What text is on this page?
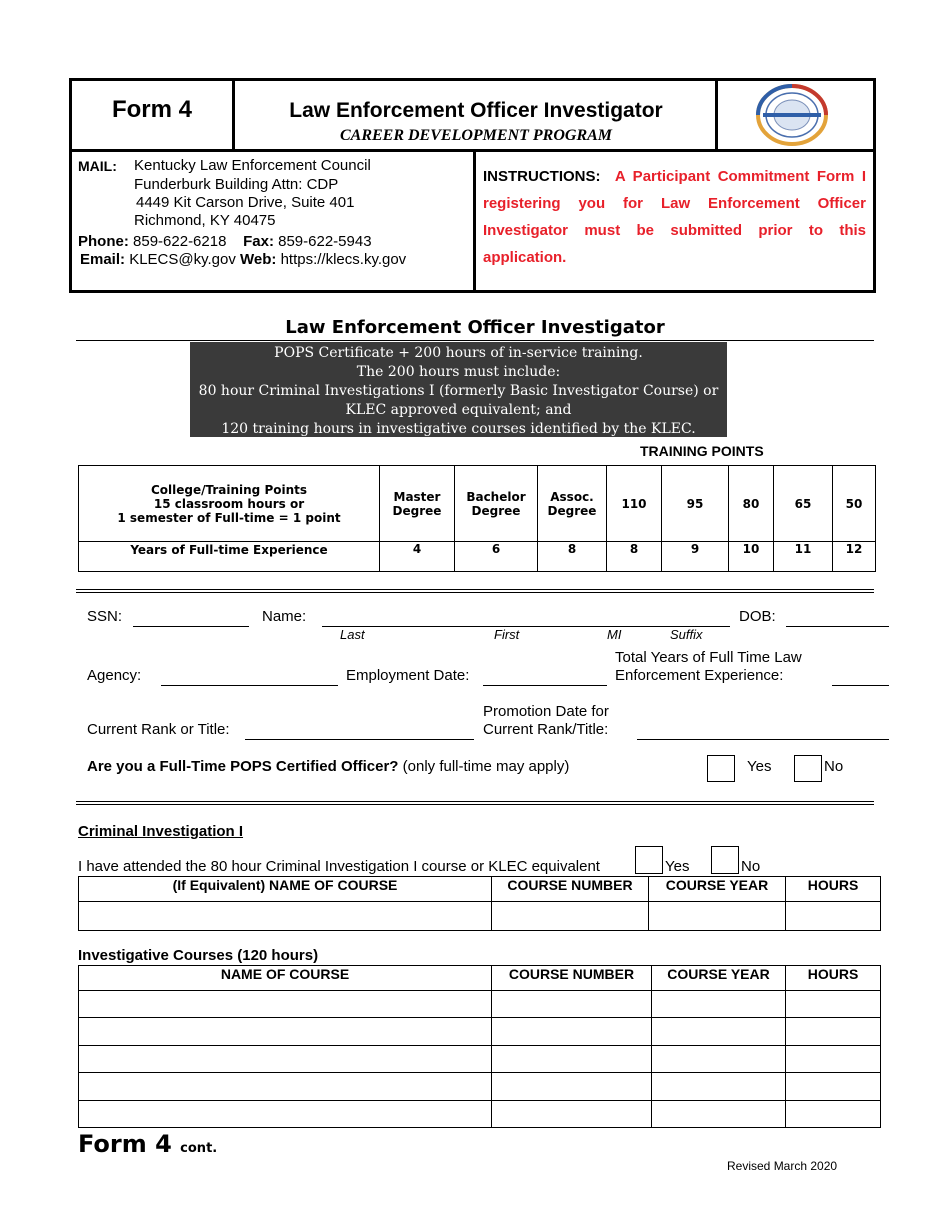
Form 4	Law Enforcement Officer Investigator
CAREER DEVELOPMENT PROGRAM
MAIL: Kentucky Law Enforcement Council
Funderburk Building Attn: CDP
4449 Kit Carson Drive, Suite 401
Richmond, KY 40475
Phone: 859-622-6218 Fax: 859-622-5943
Email: KLECS@ky.gov Web: https://klecs.ky.gov
INSTRUCTIONS: A Participant Commitment Form I registering you for Law Enforcement Officer Investigator must be submitted prior to this application.
Law Enforcement Officer Investigator
POPS Certificate + 200 hours of in-service training.
The 200 hours must include:
80 hour Criminal Investigations I (formerly Basic Investigator Course) or
KLEC approved equivalent; and
120 training hours in investigative courses identified by the KLEC.
TRAINING POINTS
College/Training Points
15 classroom hours or
1 semester of Full-time = 1 point	Master Degree	Bachelor Degree	Assoc. Degree	110	95	80	65	50
Years of Full-time Experience	4	6	8	8	9	10	11	12
SSN:	Name:
Last	First	MI	Suffix
DOB:
Agency:	Employment Date:
Total Years of Full Time Law
Enforcement Experience:
Current Rank or Title:
Promotion Date for
Current Rank/Title:
Are you a Full-Time POPS Certified Officer? (only full-time may apply)	Yes	No
Criminal Investigation I
I have attended the 80 hour Criminal Investigation I course or KLEC equivalent	Yes	No
(If Equivalent) NAME OF COURSE	COURSE NUMBER	COURSE YEAR	HOURS

Investigative Courses (120 hours)
NAME OF COURSE	COURSE NUMBER	COURSE YEAR	HOURS

Form 4 cont.
Revised March 2020
